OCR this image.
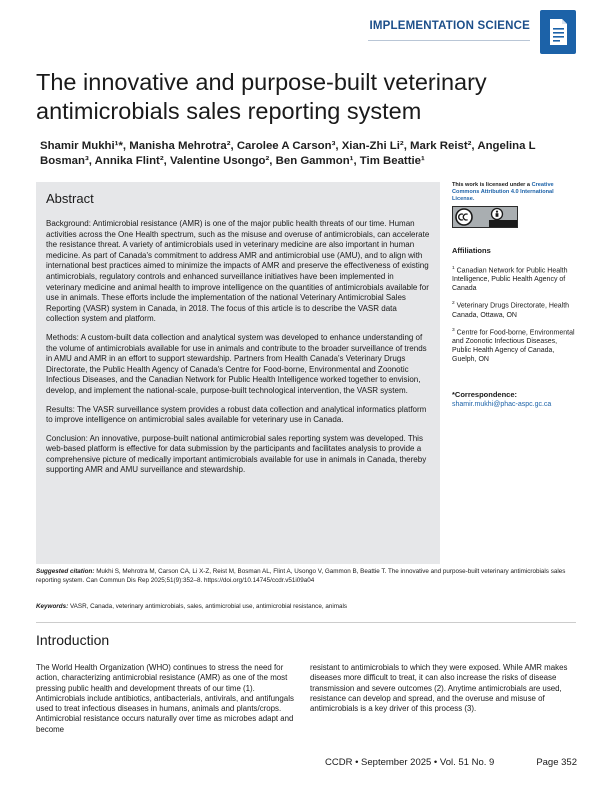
IMPLEMENTATION SCIENCE
The innovative and purpose-built veterinary antimicrobials sales reporting system

Shamir Mukhi¹*, Manisha Mehrotra², Carolee A Carson³, Xian-Zhi Li², Mark Reist², Angelina L Bosman³, Annika Flint², Valentine Usongo², Ben Gammon¹, Tim Beattie¹

Abstract

Background: Antimicrobial resistance (AMR) is one of the major public health threats of our time. Human activities across the One Health spectrum, such as the misuse and overuse of antimicrobials, can accelerate the resistance threat. A variety of antimicrobials used in veterinary medicine are also important in human medicine. As part of Canada's commitment to address AMR and antimicrobial use (AMU), and to align with international best practices aimed to minimize the impacts of AMR and preserve the effectiveness of existing antimicrobials, regulatory controls and enhanced surveillance initiatives have been implemented in veterinary medicine and animal health to improve intelligence on the quantities of antimicrobials available for use in animals. These efforts include the implementation of the national Veterinary Antimicrobial Sales Reporting (VASR) system in Canada, in 2018. The focus of this article is to describe the VASR data collection system and platform.

Methods: A custom-built data collection and analytical system was developed to enhance understanding of the volume of antimicrobials available for use in animals and contribute to the broader surveillance of trends in AMU and AMR in an effort to support stewardship. Partners from Health Canada's Veterinary Drugs Directorate, the Public Health Agency of Canada's Centre for Food-borne, Environmental and Zoonotic Infectious Diseases, and the Canadian Network for Public Health Intelligence worked together to envision, develop, and implement the national-scale, purpose-built technological intervention, the VASR system.

Results: The VASR surveillance system provides a robust data collection and analytical informatics platform to improve intelligence on antimicrobial sales available for veterinary use in Canada.

Conclusion: An innovative, purpose-built national antimicrobial sales reporting system was developed. This web-based platform is effective for data submission by the participants and facilitates analysis to provide a comprehensive picture of medically important antimicrobials available for use in animals in Canada, thereby supporting AMR and AMU surveillance and stewardship.

Suggested citation: Mukhi S, Mehrotra M, Carson CA, Li X-Z, Reist M, Bosman AL, Flint A, Usongo V, Gammon B, Beattie T. The innovative and purpose-built veterinary antimicrobials sales reporting system. Can Commun Dis Rep 2025;51(9):352–8. https://doi.org/10.14745/ccdr.v51i09a04
Keywords: VASR, Canada, veterinary antimicrobials, sales, antimicrobial use, antimicrobial resistance, animals
This work is licensed under a Creative Commons Attribution 4.0 International License.
Affiliations

$^1$ Canadian Network for Public Health Intelligence, Public Health Agency of Canada

$^2$ Veterinary Drugs Directorate, Health Canada, Ottawa, ON

$^3$ Centre for Food-borne, Environmental and Zoonotic Infectious Diseases, Public Health Agency of Canada, Guelph, ON

*Correspondence:
shamir.mukhi@phac-aspc.gc.ca
Introduction

The World Health Organization (WHO) continues to stress the need for action, characterizing antimicrobial resistance (AMR) as one of the most pressing public health and development threats of our time (1). Antimicrobials include antibiotics, antibacterials, antivirals, and antifungals used to treat infectious diseases in humans, animals and plants/crops. Antimicrobial resistance occurs naturally over time as microbes adapt and become

resistant to antimicrobials to which they were exposed. While AMR makes diseases more difficult to treat, it can also increase the risks of disease transmission and severe outcomes (2). Anytime antimicrobials are used, resistance can develop and spread, and the overuse and misuse of antimicrobials is a key driver of this process (3).

CCDR • September 2025 • Vol. 51 No. 9	Page 352
